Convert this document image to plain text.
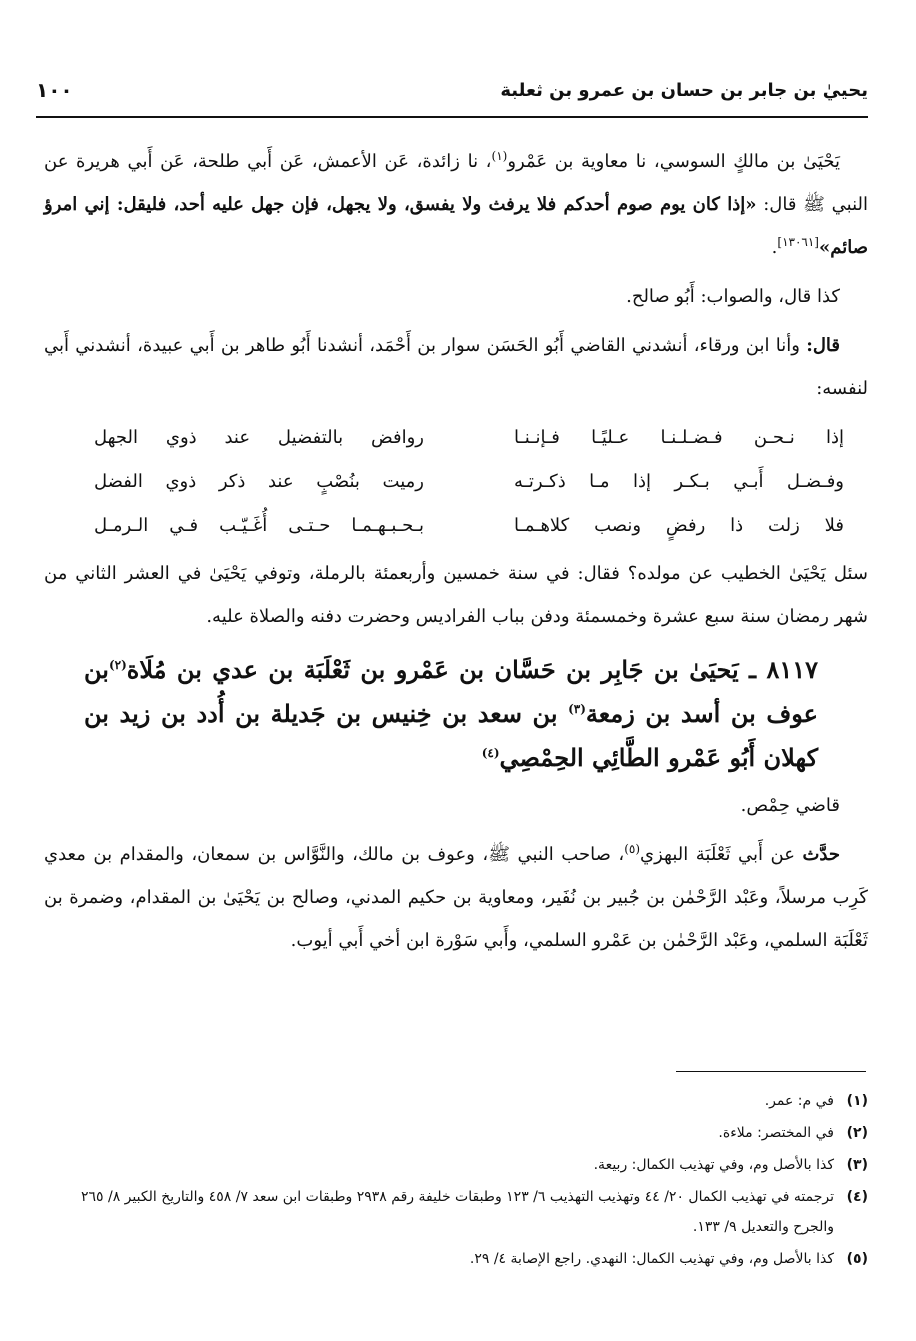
يحييٰ بن جابر بن حسان بن عمرو بن ثعلبة
١٠٠

يَحْيَىٰ بن مالكٍ السوسي، نا معاوية بن عَمْرو$^{(١)}$، نا زائدة، عَن الأعمش، عَن أَبي طلحة، عَن أَبي هريرة عن النبي ﷺ قال: «إذا كان يوم صوم أحدكم فلا يرفث ولا يفسق، ولا يجهل، فإن جهل عليه أحد، فليقل: إني امرؤ صائم»[١٣٠٦١].

كذا قال، والصواب: أَبُو صالح.

قال: وأنا ابن ورقاء، أنشدني القاضي أَبُو الحَسَن سوار بن أَحْمَد، أنشدنا أَبُو طاهر بن أَبي عبيدة، أنشدني أَبي لنفسه:

إذا نـحـن فـضـلـنـا عـليًـا فـإنـنـا
روافض بالتفضيل عند ذوي الجهل
وفـضـل أَبـي بـكـر إذا مـا ذكـرتـه
رميت بنُصْبٍ عند ذكر ذوي الفضل
فلا زلت ذا رفضٍ ونصب كلاهـمـا
بـحـبـهـمـا حـتـى أُغَـيّـب فـي الـرمـل

سئل يَحْيَىٰ الخطيب عن مولده؟ فقال: في سنة خمسين وأربعمئة بالرملة، وتوفي يَحْيَىٰ في العشر الثاني من شهر رمضان سنة سبع عشرة وخمسمئة ودفن بباب الفراديس وحضرت دفنه والصلاة عليه.

٨١١٧ ـ يَحيَىٰ بن جَابِر بن حَسَّان بن عَمْرو بن ثَعْلَبَة بن عدي بن مُلَاة$^{(٢)}$بن عوف بن أسد بن زمعة$^{(٣)}$ بن سعد بن خِنيس بن جَديلة بن أُدد بن زيد بن كهلان أَبُو عَمْرو الطَّائِي الحِمْصِي$^{(٤)}$

قاضي حِمْص.

حدَّث عن أَبي ثَعْلَبَة البهزي$^{(٥)}$، صاحب النبي ﷺ، وعوف بن مالك، والنَّوَّاس بن سمعان، والمقدام بن معدي كَرِب مرسلاً، وعَبْد الرَّحْمٰن بن جُبير بن نُفَير، ومعاوية بن حكيم المدني، وصالح بن يَحْيَىٰ بن المقدام، وضمرة بن ثَعْلَبَة السلمي، وعَبْد الرَّحْمٰن بن عَمْرو السلمي، وأَبي سَوْرة ابن أخي أَبي أيوب.

(١)
في م: عمر.
(٢)
في المختصر: ملاءة.
(٣)
كذا بالأصل وم، وفي تهذيب الكمال: ربيعة.
(٤)
ترجمته في تهذيب الكمال ٢٠/ ٤٤ وتهذيب التهذيب ٦/ ١٢٣ وطبقات خليفة رقم ٢٩٣٨ وطبقات ابن سعد ٧/ ٤٥٨ والتاريخ الكبير ٨/ ٢٦٥ والجرح والتعديل ٩/ ١٣٣.
(٥)
كذا بالأصل وم، وفي تهذيب الكمال: النهدي. راجع الإصابة ٤/ ٢٩.
